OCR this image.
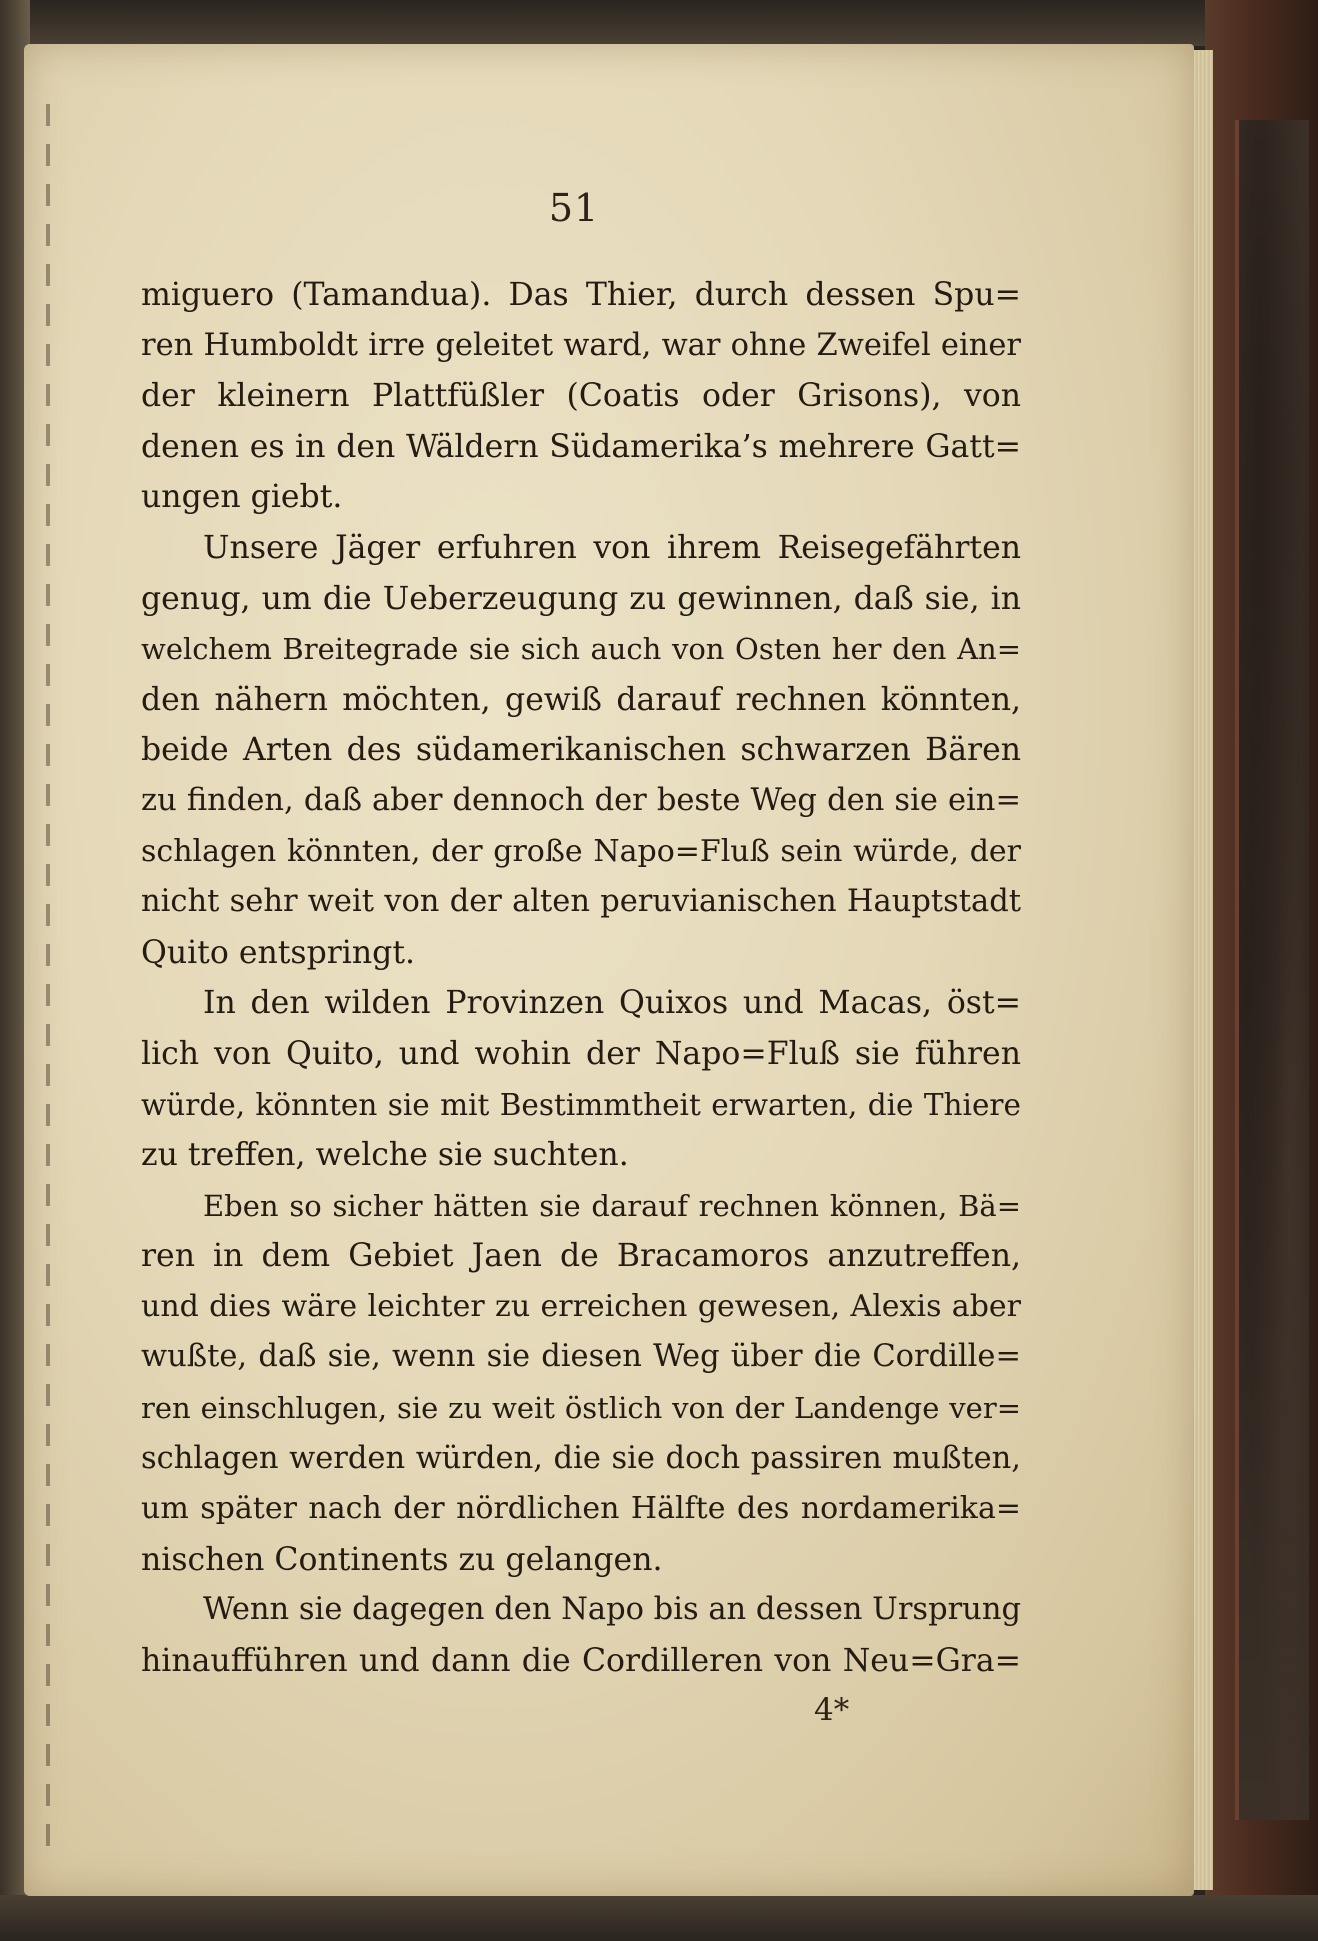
51
miguero (Tamandua). Das Thier, durch dessen Spu=
ren Humboldt irre geleitet ward, war ohne Zweifel einer
der kleinern Plattfüßler (Coatis oder Grisons), von
denen es in den Wäldern Südamerika’s mehrere Gatt=
ungen giebt.
Unsere Jäger erfuhren von ihrem Reisegefährten
genug, um die Ueberzeugung zu gewinnen, daß sie, in
welchem Breitegrade sie sich auch von Osten her den An=
den nähern möchten, gewiß darauf rechnen könnten,
beide Arten des südamerikanischen schwarzen Bären
zu finden, daß aber dennoch der beste Weg den sie ein=
schlagen könnten, der große Napo=Fluß sein würde, der
nicht sehr weit von der alten peruvianischen Hauptstadt
Quito entspringt.
In den wilden Provinzen Quixos und Macas, öst=
lich von Quito, und wohin der Napo=Fluß sie führen
würde, könnten sie mit Bestimmtheit erwarten, die Thiere
zu treffen, welche sie suchten.
Eben so sicher hätten sie darauf rechnen können, Bä=
ren in dem Gebiet Jaen de Bracamoros anzutreffen,
und dies wäre leichter zu erreichen gewesen, Alexis aber
wußte, daß sie, wenn sie diesen Weg über die Cordille=
ren einschlugen, sie zu weit östlich von der Landenge ver=
schlagen werden würden, die sie doch passiren mußten,
um später nach der nördlichen Hälfte des nordamerika=
nischen Continents zu gelangen.
Wenn sie dagegen den Napo bis an dessen Ursprung
hinaufführen und dann die Cordilleren von Neu=Gra=
4*
